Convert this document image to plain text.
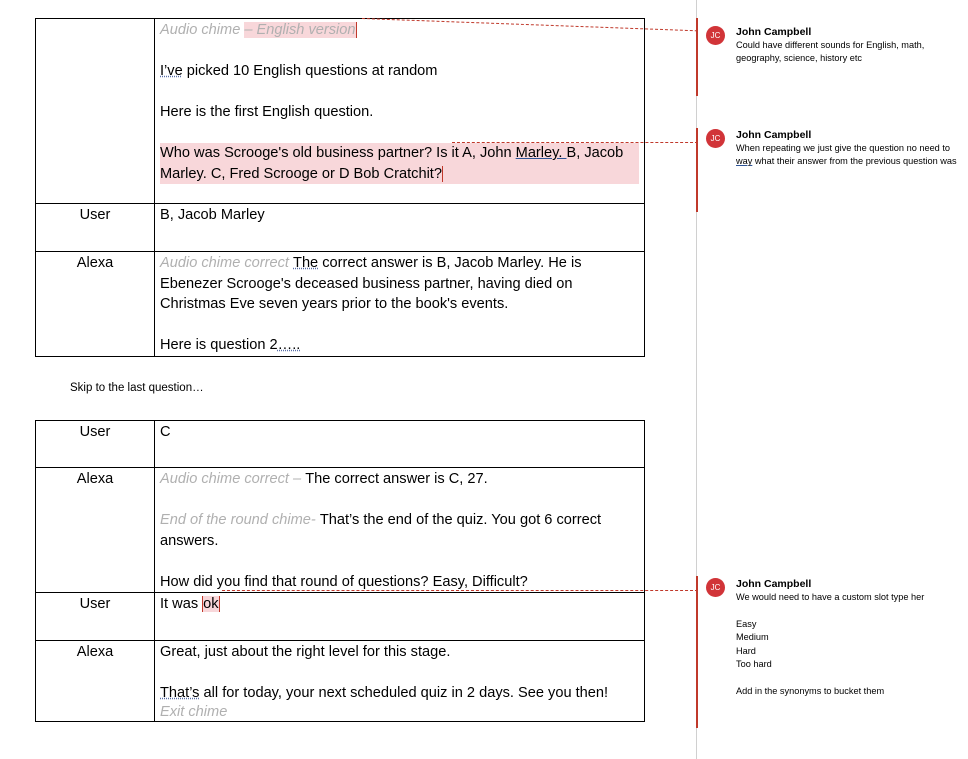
	Audio chime – English version

I’ve picked 10 English questions at random

Here is the first English question.

Who was Scrooge's old business partner? Is it A, John Marley. B, Jacob Marley. C, Fred Scrooge or D Bob Cratchit?

User	B, Jacob Marley
Alexa	Audio chime correct The correct answer is B, Jacob Marley. He is Ebenezer Scrooge's deceased business partner, having died on Christmas Eve seven years prior to the book's events.

Here is question 2…..

Skip to the last question…
User	C
Alexa	Audio chime correct – The correct answer is C, 27.

End of the round chime- That’s the end of the quiz. You got 6 correct answers.

How did you find that round of questions? Easy, Difficult?

User	It was ok
Alexa	Great, just about the right level for this stage.

That’s all for today, your next scheduled quiz in 2 days. See you then!

Exit chime

JC	John Campbell
Could have different sounds for English, math, geography, science, history etc
JC	John Campbell
When repeating we just give the question no need to way what their answer from the previous question was
JC	John Campbell
We would need to have a custom slot type her
Easy
Medium
Hard
Too hard
Add in the synonyms to bucket them
